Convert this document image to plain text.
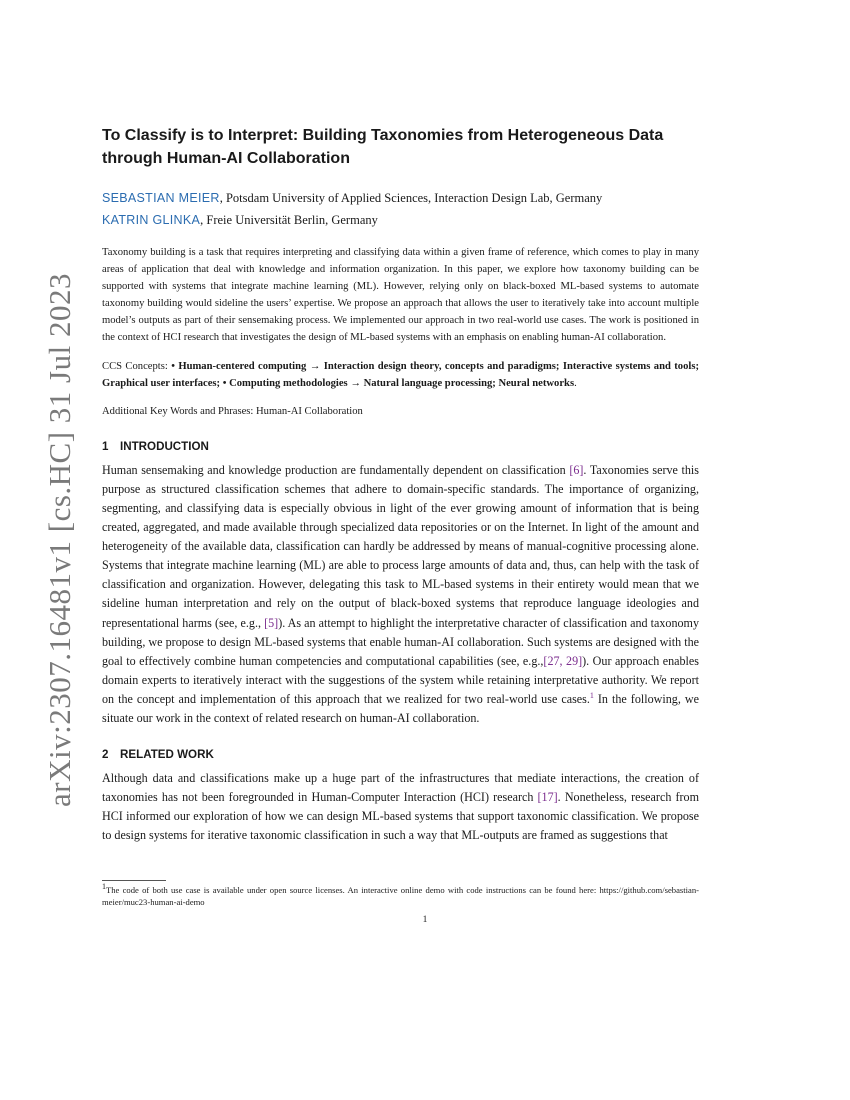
arXiv:2307.16481v1 [cs.HC] 31 Jul 2023
To Classify is to Interpret: Building Taxonomies from Heterogeneous Data through Human-AI Collaboration

SEBASTIAN MEIER, Potsdam University of Applied Sciences, Interaction Design Lab, Germany

KATRIN GLINKA, Freie Universität Berlin, Germany

Taxonomy building is a task that requires interpreting and classifying data within a given frame of reference, which comes to play in many areas of application that deal with knowledge and information organization. In this paper, we explore how taxonomy building can be supported with systems that integrate machine learning (ML). However, relying only on black-boxed ML-based systems to automate taxonomy building would sideline the users’ expertise. We propose an approach that allows the user to iteratively take into account multiple model’s outputs as part of their sensemaking process. We implemented our approach in two real-world use cases. The work is positioned in the context of HCI research that investigates the design of ML-based systems with an emphasis on enabling human-AI collaboration.

CCS Concepts: • Human-centered computing → Interaction design theory, concepts and paradigms; Interactive systems and tools; Graphical user interfaces; • Computing methodologies → Natural language processing; Neural networks.

Additional Key Words and Phrases: Human-AI Collaboration

1 INTRODUCTION

Human sensemaking and knowledge production are fundamentally dependent on classification [6]. Taxonomies serve this purpose as structured classification schemes that adhere to domain-specific standards. The importance of organizing, segmenting, and classifying data is especially obvious in light of the ever growing amount of information that is being created, aggregated, and made available through specialized data repositories or on the Internet. In light of the amount and heterogeneity of the available data, classification can hardly be addressed by means of manual-cognitive processing alone. Systems that integrate machine learning (ML) are able to process large amounts of data and, thus, can help with the task of classification and organization. However, delegating this task to ML-based systems in their entirety would mean that we sideline human interpretation and rely on the output of black-boxed systems that reproduce language ideologies and representational harms (see, e.g., [5]). As an attempt to highlight the interpretative character of classification and taxonomy building, we propose to design ML-based systems that enable human-AI collaboration. Such systems are designed with the goal to effectively combine human competencies and computational capabilities (see, e.g.,[27, 29]). Our approach enables domain experts to iteratively interact with the suggestions of the system while retaining interpretative authority. We report on the concept and implementation of this approach that we realized for two real-world use cases.$^1$ In the following, we situate our work in the context of related research on human-AI collaboration.

2 RELATED WORK

Although data and classifications make up a huge part of the infrastructures that mediate interactions, the creation of taxonomies has not been foregrounded in Human-Computer Interaction (HCI) research [17]. Nonetheless, research from HCI informed our exploration of how we can design ML-based systems that support taxonomic classification. We propose to design systems for iterative taxonomic classification in such a way that ML-outputs are framed as suggestions that

$^1$The code of both use case is available under open source licenses. An interactive online demo with code instructions can be found here: https://github.com/sebastian-meier/muc23-human-ai-demo
1
